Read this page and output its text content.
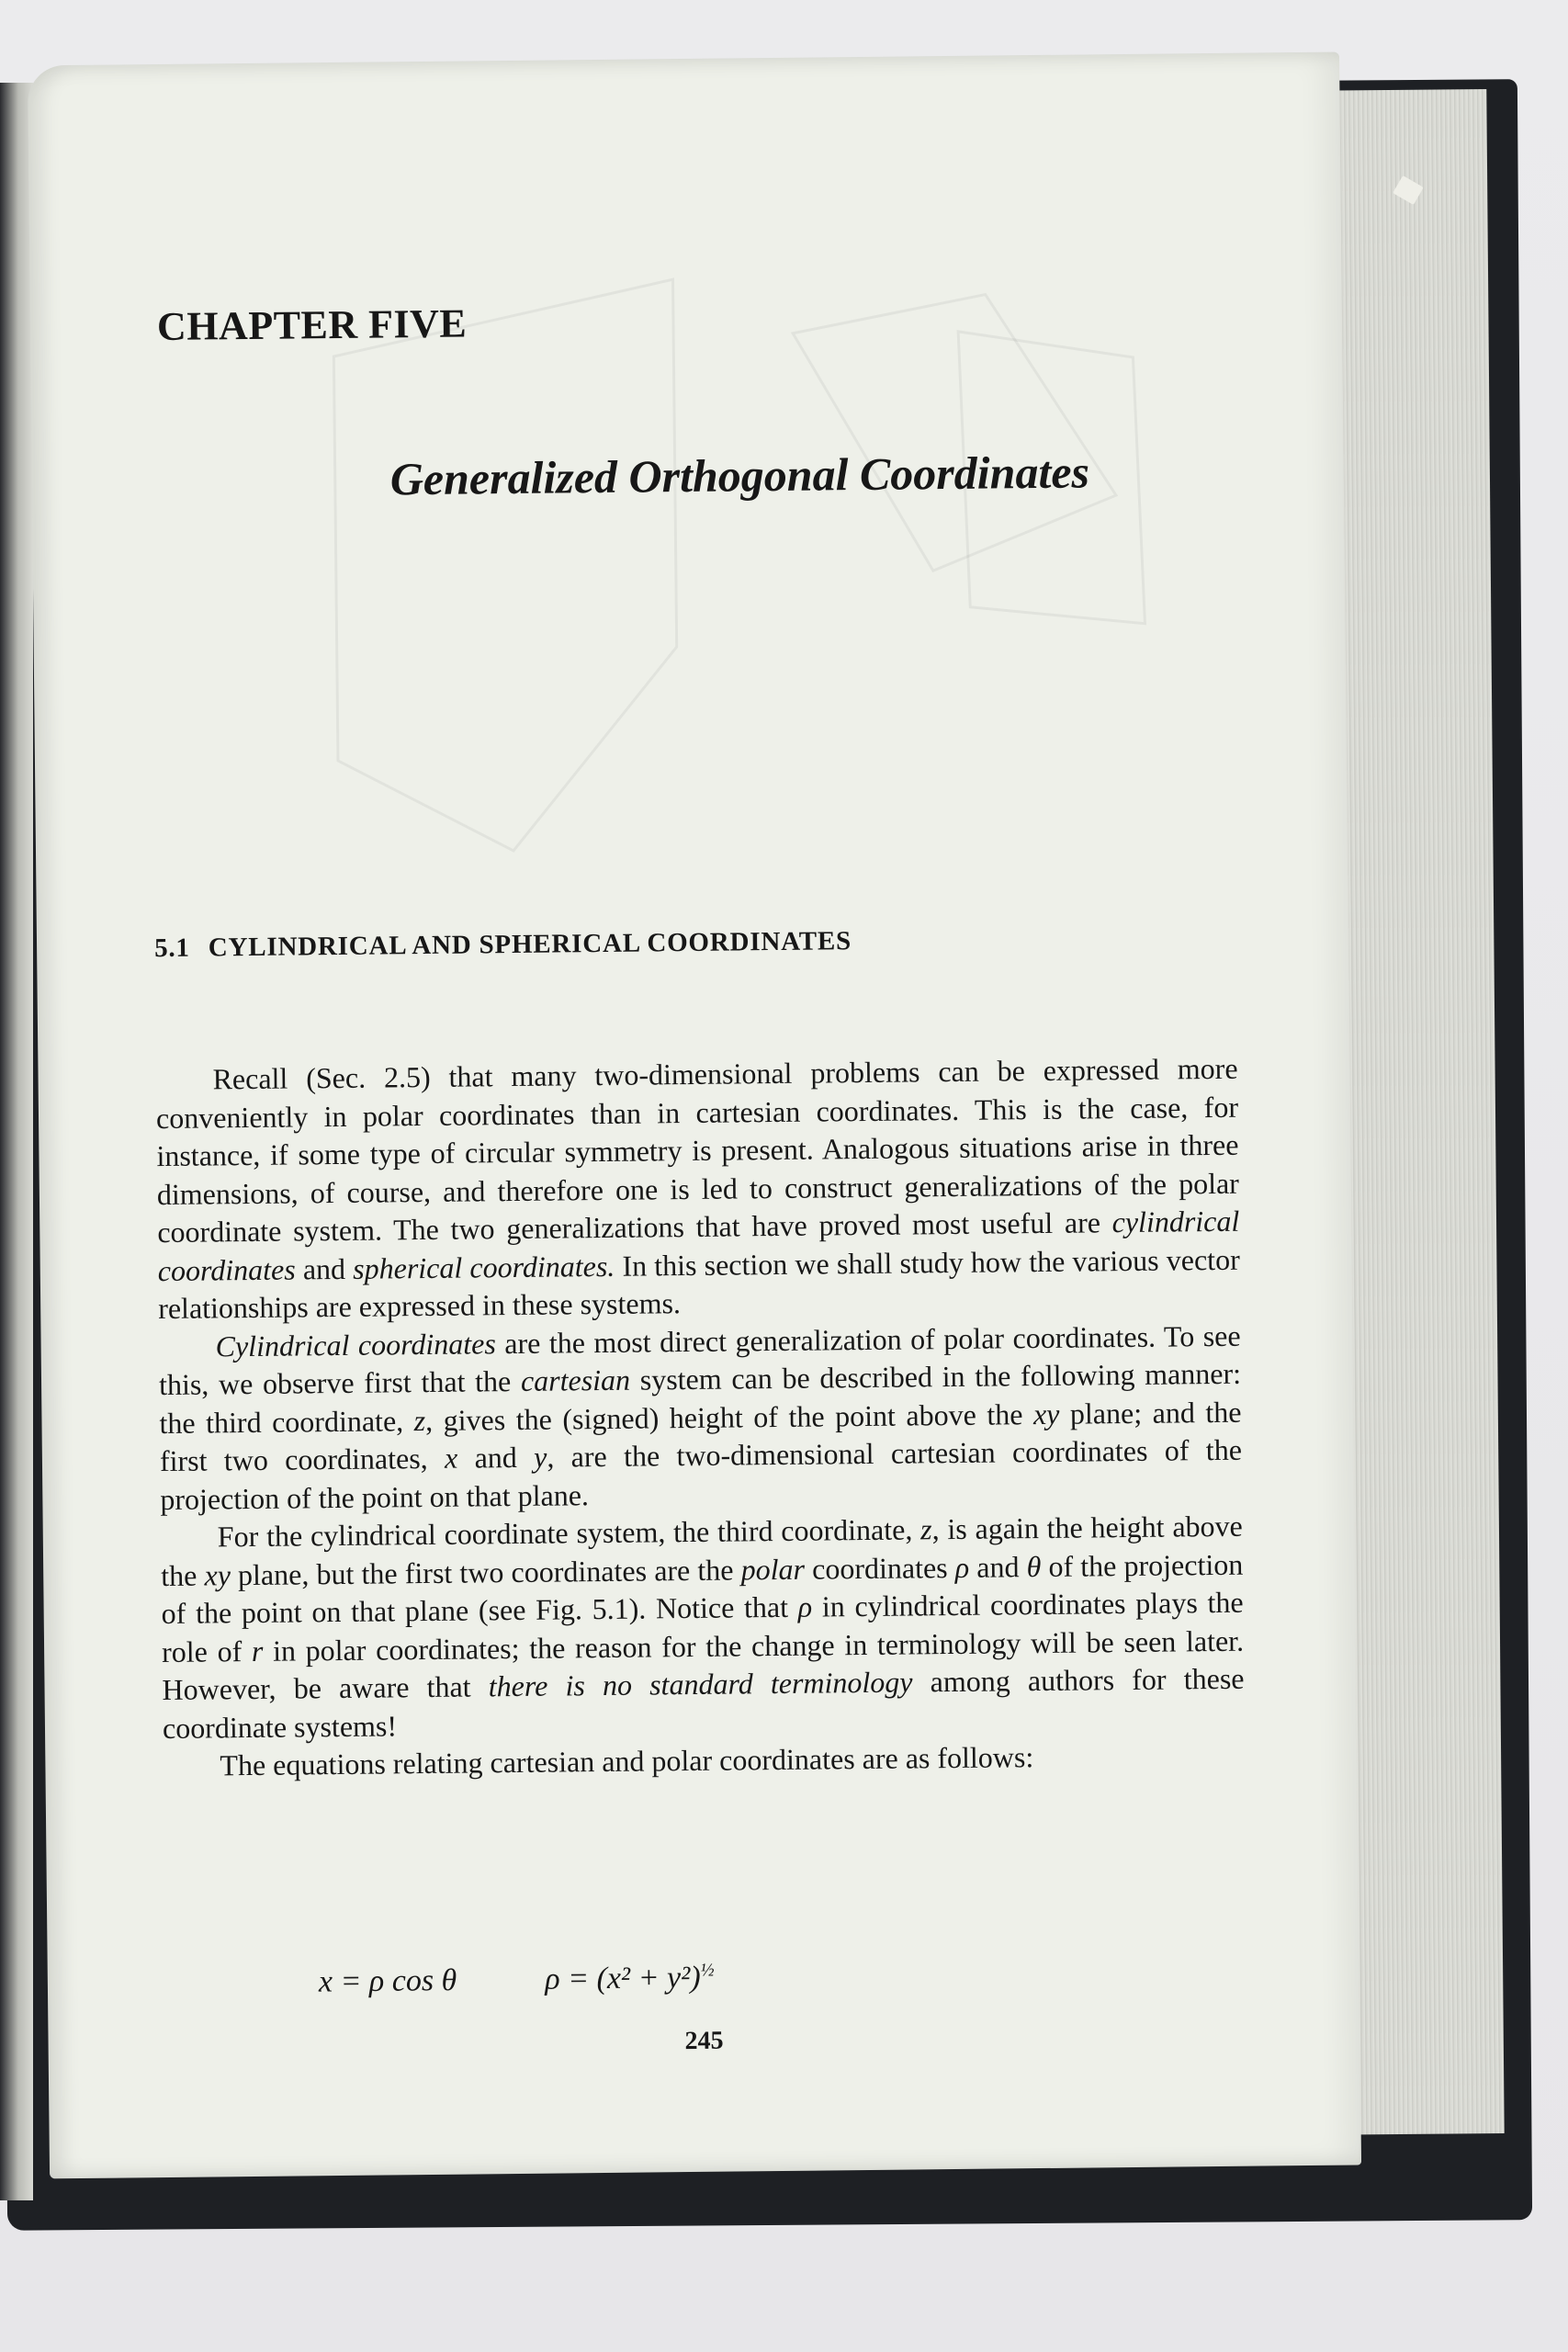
CHAPTER FIVE
Generalized Orthogonal Coordinates
5.1 CYLINDRICAL AND SPHERICAL COORDINATES

Recall (Sec. 2.5) that many two-dimensional problems can be expressed more conveniently in polar coordinates than in cartesian coordinates. This is the case, for instance, if some type of circular symmetry is present. Analogous situations arise in three dimensions, of course, and therefore one is led to construct generalizations of the polar coordinate system. The two generalizations that have proved most useful are cylindrical coordinates and spherical coordinates. In this section we shall study how the various vector relationships are expressed in these systems.

Cylindrical coordinates are the most direct generalization of polar coordinates. To see this, we observe first that the cartesian system can be described in the following manner: the third coordinate, z, gives the (signed) height of the point above the xy plane; and the first two coordinates, x and y, are the two-dimensional cartesian coordinates of the projection of the point on that plane.

For the cylindrical coordinate system, the third coordinate, z, is again the height above the xy plane, but the first two coordinates are the polar coordinates ρ and θ of the projection of the point on that plane (see Fig. 5.1). Notice that ρ in cylindrical coordinates plays the role of r in polar coordinates; the reason for the change in terminology will be seen later. However, be aware that there is no standard terminology among authors for these coordinate systems!

The equations relating cartesian and polar coordinates are as follows:

x = ρ cos θ	$\rho = (x^2 + y^2)^{\frac{1}{2}}$
245
